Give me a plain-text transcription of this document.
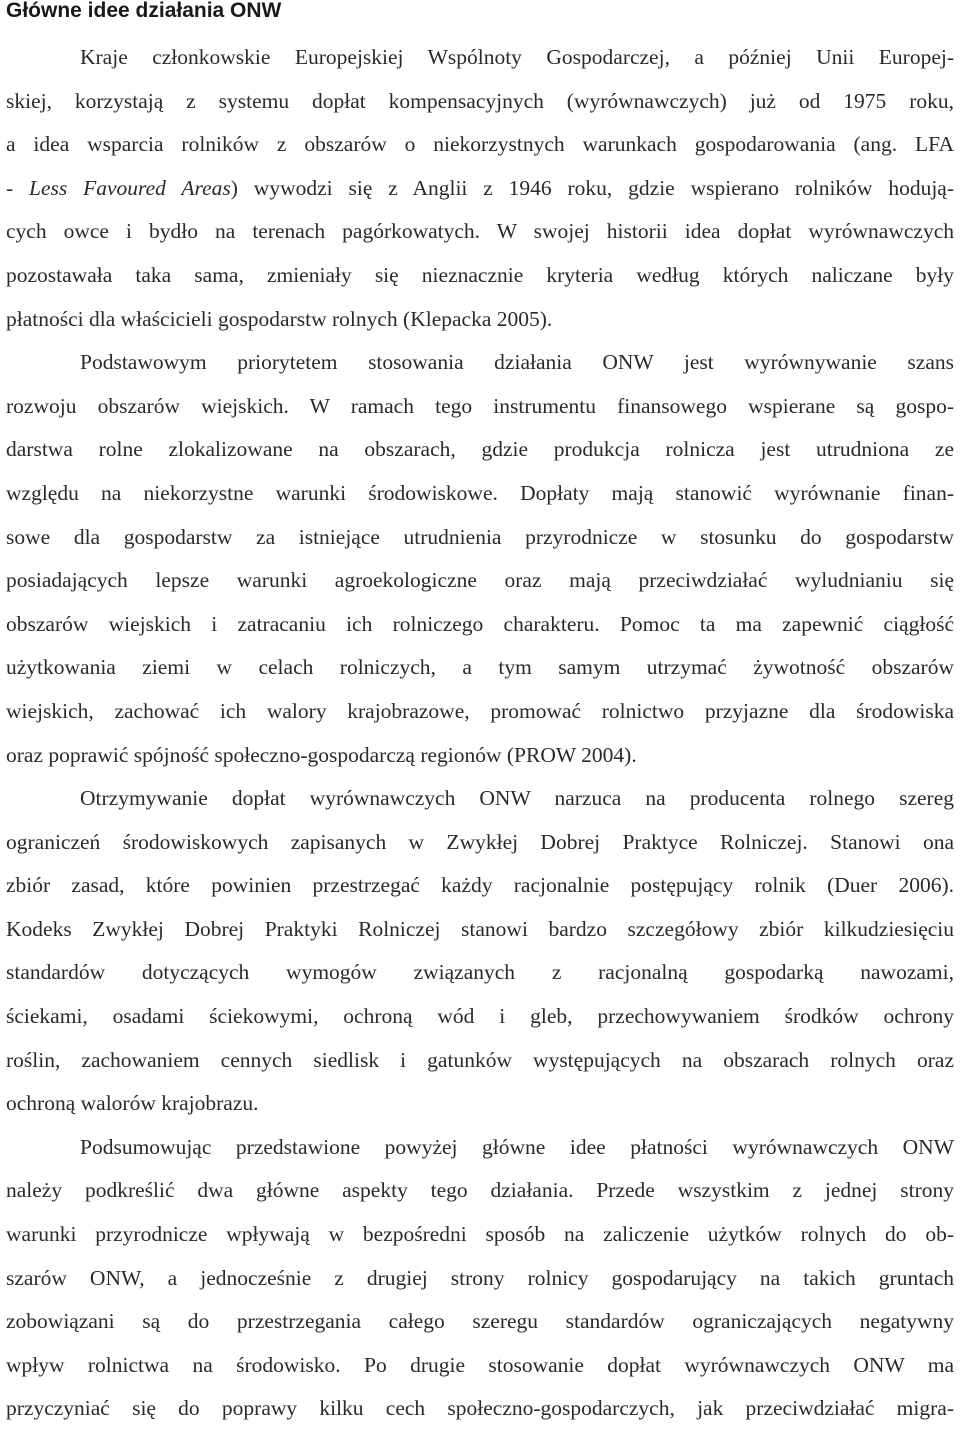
Główne idee działania ONW
Kraje członkowskie Europejskiej Wspólnoty Gospodarczej, a później Unii Europej-
skiej, korzystają z systemu dopłat kompensacyjnych (wyrównawczych) już od 1975 roku,
a idea wsparcia rolników z obszarów o niekorzystnych warunkach gospodarowania (ang. LFA
- Less Favoured Areas) wywodzi się z Anglii z 1946 roku, gdzie wspierano rolników hodują-
cych owce i bydło na terenach pagórkowatych. W swojej historii idea dopłat wyrównawczych
pozostawała taka sama, zmieniały się nieznacznie kryteria według których naliczane były
płatności dla właścicieli gospodarstw rolnych (Klepacka 2005).
Podstawowym priorytetem stosowania działania ONW jest wyrównywanie szans
rozwoju obszarów wiejskich. W ramach tego instrumentu finansowego wspierane są gospo-
darstwa rolne zlokalizowane na obszarach, gdzie produkcja rolnicza jest utrudniona ze
względu na niekorzystne warunki środowiskowe. Dopłaty mają stanowić wyrównanie finan-
sowe dla gospodarstw za istniejące utrudnienia przyrodnicze w stosunku do gospodarstw
posiadających lepsze warunki agroekologiczne oraz mają przeciwdziałać wyludnianiu się
obszarów wiejskich i zatracaniu ich rolniczego charakteru. Pomoc ta ma zapewnić ciągłość
użytkowania ziemi w celach rolniczych, a tym samym utrzymać żywotność obszarów
wiejskich, zachować ich walory krajobrazowe, promować rolnictwo przyjazne dla środowiska
oraz poprawić spójność społeczno-gospodarczą regionów (PROW 2004).
Otrzymywanie dopłat wyrównawczych ONW narzuca na producenta rolnego szereg
ograniczeń środowiskowych zapisanych w Zwykłej Dobrej Praktyce Rolniczej. Stanowi ona
zbiór zasad, które powinien przestrzegać każdy racjonalnie postępujący rolnik (Duer 2006).
Kodeks Zwykłej Dobrej Praktyki Rolniczej stanowi bardzo szczegółowy zbiór kilkudziesięciu
standardów dotyczących wymogów związanych z racjonalną gospodarką nawozami,
ściekami, osadami ściekowymi, ochroną wód i gleb, przechowywaniem środków ochrony
roślin, zachowaniem cennych siedlisk i gatunków występujących na obszarach rolnych oraz
ochroną walorów krajobrazu.
Podsumowując przedstawione powyżej główne idee płatności wyrównawczych ONW
należy podkreślić dwa główne aspekty tego działania. Przede wszystkim z jednej strony
warunki przyrodnicze wpływają w bezpośredni sposób na zaliczenie użytków rolnych do ob-
szarów ONW, a jednocześnie z drugiej strony rolnicy gospodarujący na takich gruntach
zobowiązani są do przestrzegania całego szeregu standardów ograniczających negatywny
wpływ rolnictwa na środowisko. Po drugie stosowanie dopłat wyrównawczych ONW ma
przyczyniać się do poprawy kilku cech społeczno-gospodarczych, jak przeciwdziałać migra-
